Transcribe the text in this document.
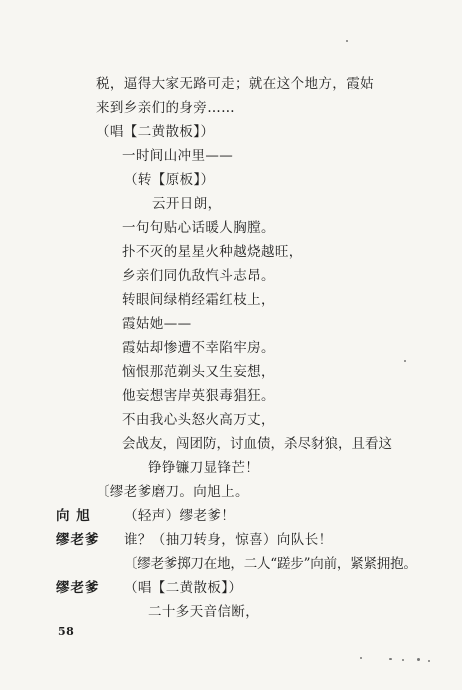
税，逼得大家无路可走；就在这个地方，霞姑
来到乡亲们的身旁……
（唱【二黄散板】）
一时间山冲里——
（转【原板】）
云开日朗，
一句句贴心话暖人胸膛。
扑不灭的星星火种越烧越旺，
乡亲们同仇敌忾斗志昂。
转眼间绿梢经霜红枝上，
霞姑她——
霞姑却惨遭不幸陷牢房。
恼恨那范剃头又生妄想，
他妄想害岸英狠毒猖狂。
不由我心头怒火高万丈，
会战友，闯团防，讨血债，杀尽豺狼，且看这
铮铮镰刀显锋芒！
〔缪老爹磨刀。向旭上。
向 旭 （轻声）缪老爹！
缪老爹 谁？（抽刀转身，惊喜）向队长！
〔缪老爹掷刀在地，二人“蹉步”向前，紧紧拥抱。
缪老爹 （唱【二黄散板】）
二十多天音信断，
58
